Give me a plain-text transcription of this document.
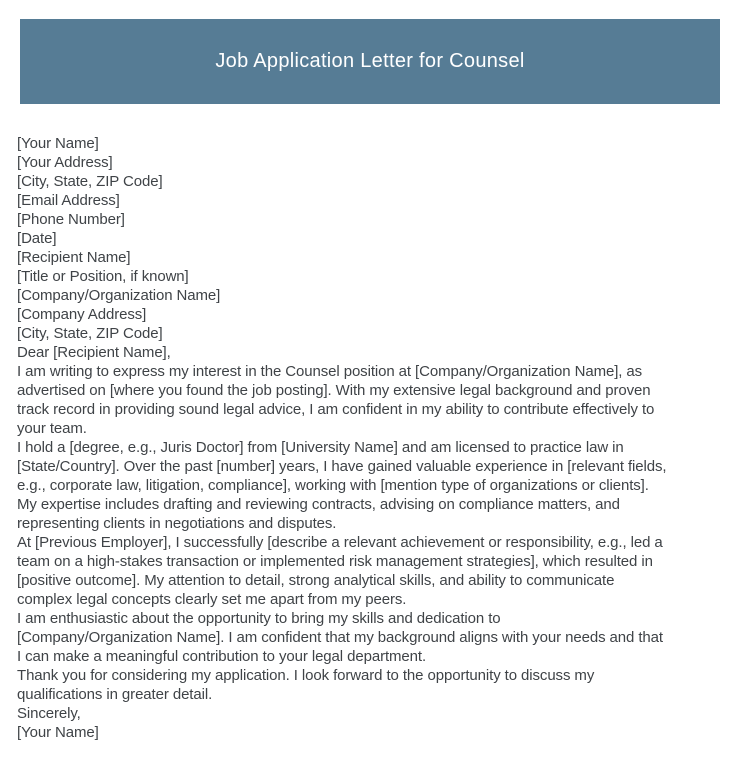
Job Application Letter for Counsel
[Your Name]
[Your Address]
[City, State, ZIP Code]
[Email Address]
[Phone Number]
[Date]
[Recipient Name]
[Title or Position, if known]
[Company/Organization Name]
[Company Address]
[City, State, ZIP Code]
Dear [Recipient Name],
I am writing to express my interest in the Counsel position at [Company/Organization Name], as
advertised on [where you found the job posting]. With my extensive legal background and proven
track record in providing sound legal advice, I am confident in my ability to contribute effectively to
your team.
I hold a [degree, e.g., Juris Doctor] from [University Name] and am licensed to practice law in
[State/Country]. Over the past [number] years, I have gained valuable experience in [relevant fields,
e.g., corporate law, litigation, compliance], working with [mention type of organizations or clients].
My expertise includes drafting and reviewing contracts, advising on compliance matters, and
representing clients in negotiations and disputes.
At [Previous Employer], I successfully [describe a relevant achievement or responsibility, e.g., led a
team on a high-stakes transaction or implemented risk management strategies], which resulted in
[positive outcome]. My attention to detail, strong analytical skills, and ability to communicate
complex legal concepts clearly set me apart from my peers.
I am enthusiastic about the opportunity to bring my skills and dedication to
[Company/Organization Name]. I am confident that my background aligns with your needs and that
I can make a meaningful contribution to your legal department.
Thank you for considering my application. I look forward to the opportunity to discuss my
qualifications in greater detail.
Sincerely,
[Your Name]
